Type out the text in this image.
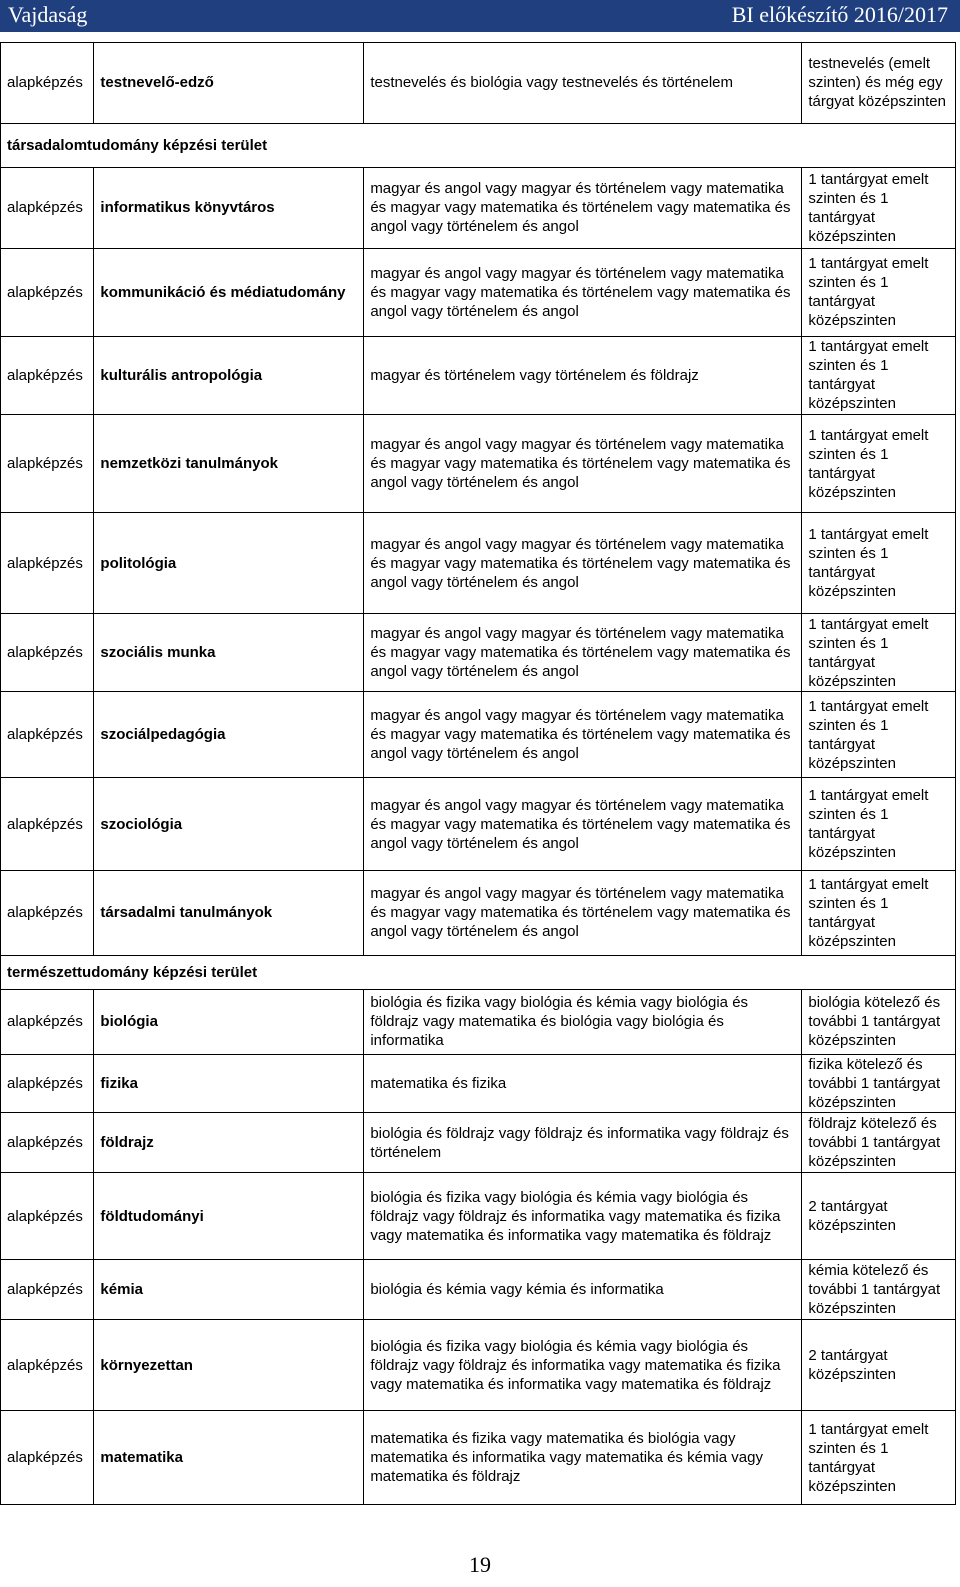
Vajdaság	BI előkészítő 2016/2017
alapképzés	testnevelő-edző	testnevelés és biológia vagy testnevelés és történelem	testnevelés (emelt szinten) és még egy tárgyat középszinten
társadalomtudomány képzési terület			
alapképzés	informatikus könyvtáros	magyar és angol vagy magyar és történelem vagy matematika és magyar vagy matematika és történelem vagy matematika és angol vagy történelem és angol	1 tantárgyat emelt szinten és 1 tantárgyat középszinten
alapképzés	kommunikáció és médiatudomány	magyar és angol vagy magyar és történelem vagy matematika és magyar vagy matematika és történelem vagy matematika és angol vagy történelem és angol	1 tantárgyat emelt szinten és 1 tantárgyat középszinten
alapképzés	kulturális antropológia	magyar és történelem vagy történelem és földrajz	1 tantárgyat emelt szinten és 1 tantárgyat középszinten
alapképzés	nemzetközi tanulmányok	magyar és angol vagy magyar és történelem vagy matematika és magyar vagy matematika és történelem vagy matematika és angol vagy történelem és angol	1 tantárgyat emelt szinten és 1 tantárgyat középszinten
alapképzés	politológia	magyar és angol vagy magyar és történelem vagy matematika és magyar vagy matematika és történelem vagy matematika és angol vagy történelem és angol	1 tantárgyat emelt szinten és 1 tantárgyat középszinten
alapképzés	szociális munka	magyar és angol vagy magyar és történelem vagy matematika és magyar vagy matematika és történelem vagy matematika és angol vagy történelem és angol	1 tantárgyat emelt szinten és 1 tantárgyat középszinten
alapképzés	szociálpedagógia	magyar és angol vagy magyar és történelem vagy matematika és magyar vagy matematika és történelem vagy matematika és angol vagy történelem és angol	1 tantárgyat emelt szinten és 1 tantárgyat középszinten
alapképzés	szociológia	magyar és angol vagy magyar és történelem vagy matematika és magyar vagy matematika és történelem vagy matematika és angol vagy történelem és angol	1 tantárgyat emelt szinten és 1 tantárgyat középszinten
alapképzés	társadalmi tanulmányok	magyar és angol vagy magyar és történelem vagy matematika és magyar vagy matematika és történelem vagy matematika és angol vagy történelem és angol	1 tantárgyat emelt szinten és 1 tantárgyat középszinten
természettudomány képzési terület			
alapképzés	biológia	biológia és fizika vagy biológia és kémia vagy biológia és földrajz vagy matematika és biológia vagy biológia és informatika	biológia kötelező és további 1 tantárgyat középszinten
alapképzés	fizika	matematika és fizika	fizika kötelező és további 1 tantárgyat középszinten
alapképzés	földrajz	biológia és földrajz vagy földrajz és informatika vagy földrajz és történelem	földrajz kötelező és további 1 tantárgyat középszinten
alapképzés	földtudományi	biológia és fizika vagy biológia és kémia vagy biológia és földrajz vagy földrajz és informatika vagy matematika és fizika vagy matematika és informatika vagy matematika és földrajz	2 tantárgyat középszinten
alapképzés	kémia	biológia és kémia vagy kémia és informatika	kémia kötelező és további 1 tantárgyat középszinten
alapképzés	környezettan	biológia és fizika vagy biológia és kémia vagy biológia és földrajz vagy földrajz és informatika vagy matematika és fizika vagy matematika és informatika vagy matematika és földrajz	2 tantárgyat középszinten
alapképzés	matematika	matematika és fizika vagy matematika és biológia vagy matematika és informatika vagy matematika és kémia vagy matematika és földrajz	1 tantárgyat emelt szinten és 1 tantárgyat középszinten
19
